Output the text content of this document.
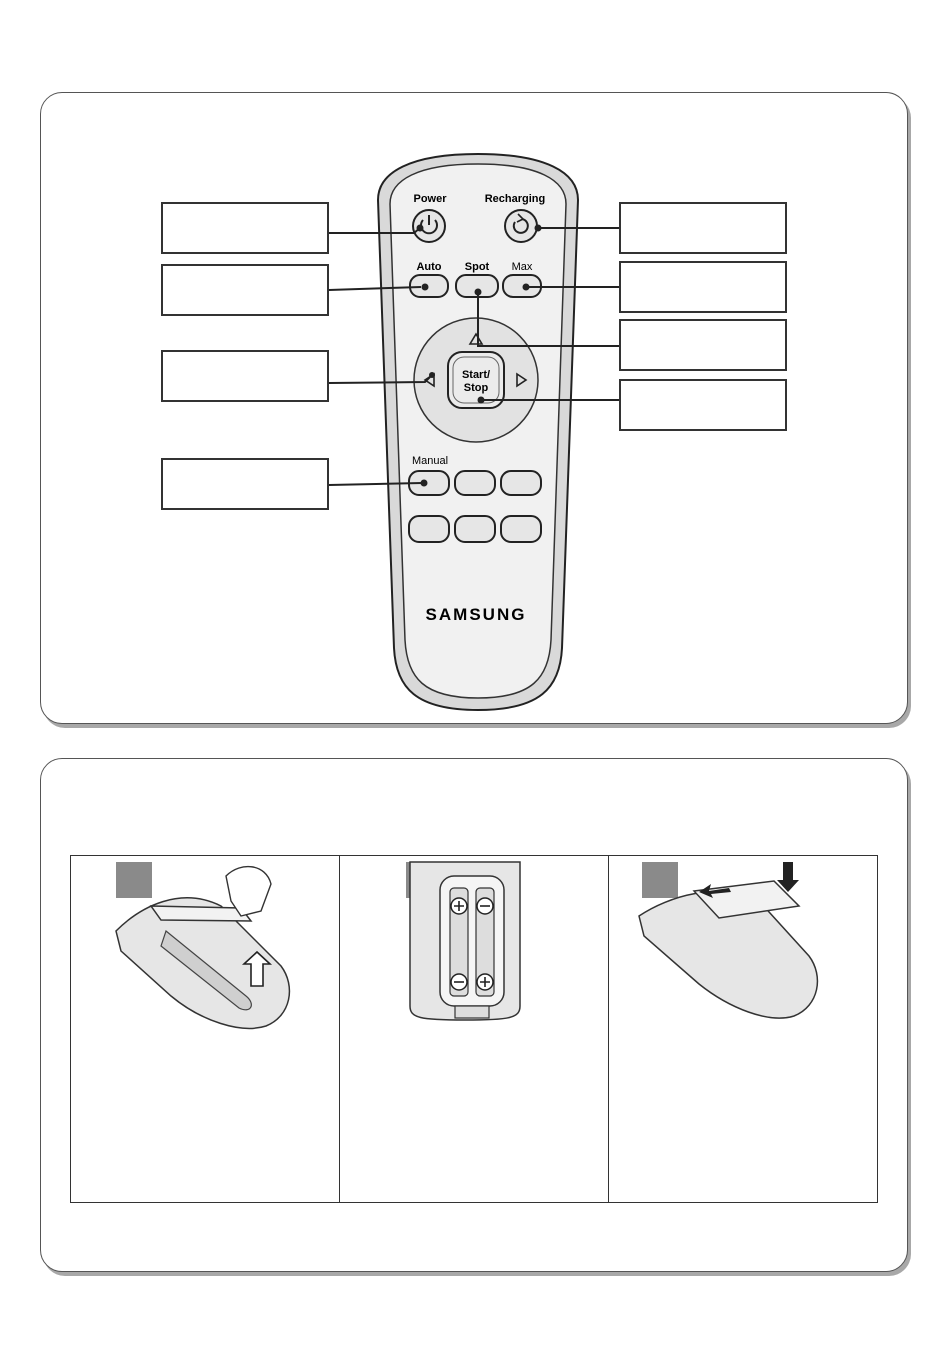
Power	Recharging
Auto Spot Max
Start/
Stop
Manual
SAMSUNG
1	3
